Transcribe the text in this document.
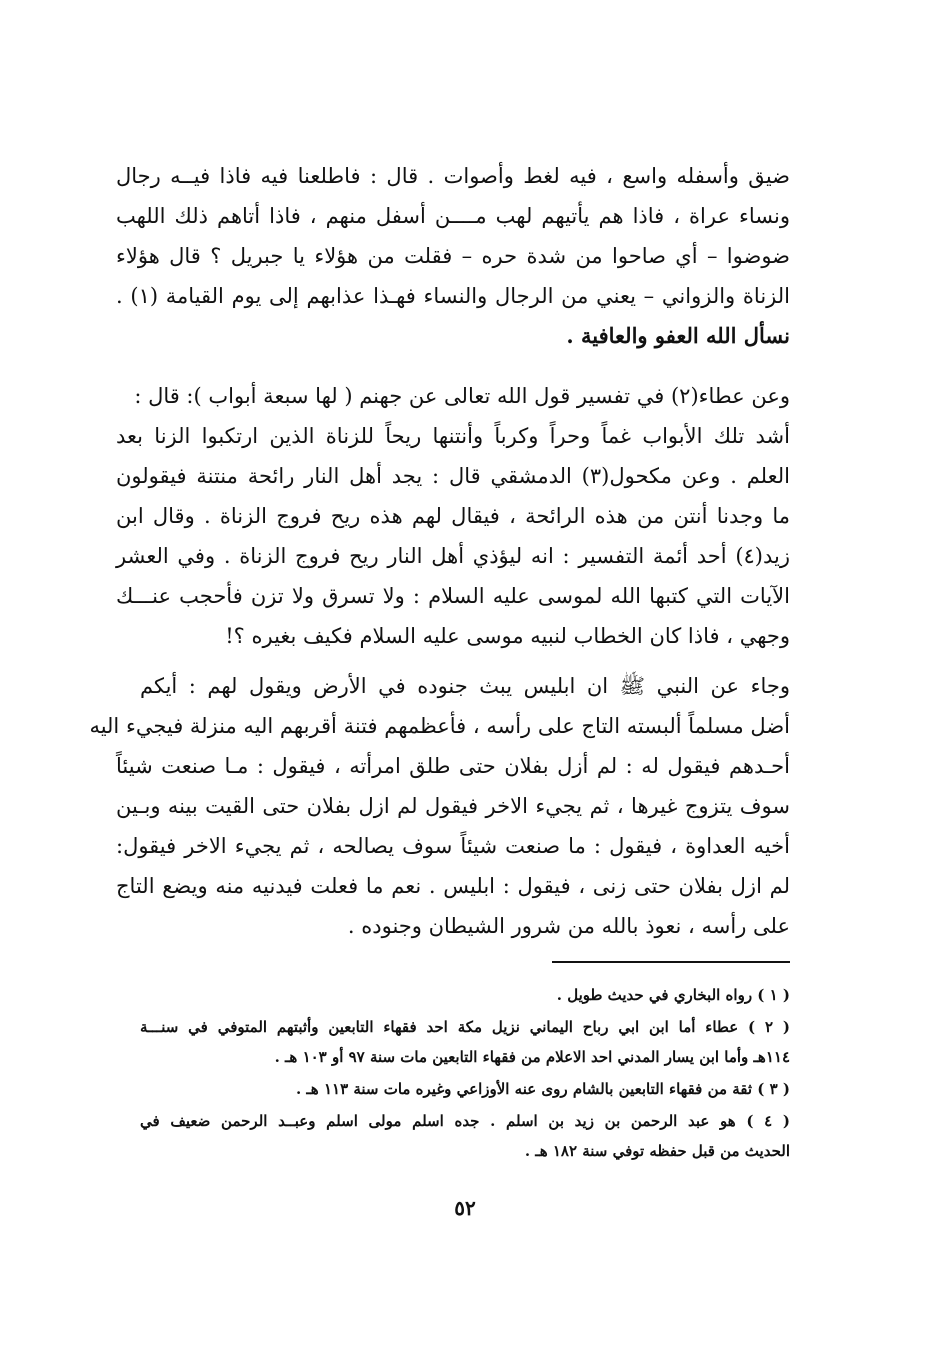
ضيق وأسفله واسع ، فيه لغط وأصوات . قال : فاطلعنا فيه فاذا فيــه رجال
ونساء عراة ، فاذا هم يأتيهم لهب مــــن أسفل منهم ، فاذا أتاهم ذلك اللهب
ضوضوا – أي صاحوا من شدة حره – فقلت من هؤلاء يا جبريل ؟ قال هؤلاء
الزناة والزواني – يعني من الرجال والنساء فهـذا عذابهم إلى يوم القيامة (١) .
نسأل الله العفو والعافية .
وعن عطاء(٢) في تفسير قول الله تعالى عن جهنم ( لها سبعة أبواب ): قال :
أشد تلك الأبواب غماً وحراً وكرباً وأنتنها ريحاً للزناة الذين ارتكبوا الزنا بعد
العلم . وعن مكحول(٣) الدمشقي قال : يجد أهل النار رائحة منتنة فيقولون
ما وجدنا أنتن من هذه الرائحة ، فيقال لهم هذه ريح فروج الزناة . وقال ابن
زيد(٤) أحد أئمة التفسير : انه ليؤذي أهل النار ريح فروج الزناة . وفي العشر
الآيات التي كتبها الله لموسى عليه السلام : ولا تسرق ولا تزن فأحجب عنـــك
وجهي ، فاذا كان الخطاب لنبيه موسى عليه السلام فكيف بغيره ؟!
وجاء عن النبي ﷺ ان ابليس يبث جنوده في الأرض ويقول لهم : أيكم
أضل مسلماً ألبسته التاج على رأسه ، فأعظمهم فتنة أقربهم اليه منزلة فيجيء اليه
أحـدهم فيقول له : لم أزل بفلان حتى طلق امرأته ، فيقول : مـا صنعت شيئاً
سوف يتزوج غيرها ، ثم يجيء الاخر فيقول لم ازل بفلان حتى القيت بينه وبـين
أخيه العداوة ، فيقول : ما صنعت شيئاً سوف يصالحه ، ثم يجيء الاخر فيقول:
لم ازل بفلان حتى زنى ، فيقول : ابليس . نعم ما فعلت فيدنيه منه ويضع التاج
على رأسه ، نعوذ بالله من شرور الشيطان وجنوده .
( ١ ) رواه البخاري في حديث طويل .
( ٢ ) عطاء أما ابن ابي رباح اليماني نزيل مكة احد فقهاء التابعين وأثبتهم المتوفي في سنـــة
١١٤هـ وأما ابن يسار المدني احد الاعلام من فقهاء التابعين مات سنة ٩٧ أو ١٠٣ هـ .
( ٣ ) ثقة من فقهاء التابعين بالشام روى عنه الأوزاعي وغيره مات سنة ١١٣ هـ .
( ٤ ) هو عبد الرحمن بن زيد بن اسلم . جده اسلم مولى اسلم وعبــد الرحمن ضعيف في
الحديث من قبل حفظه توفي سنة ١٨٢ هـ .
٥٢
